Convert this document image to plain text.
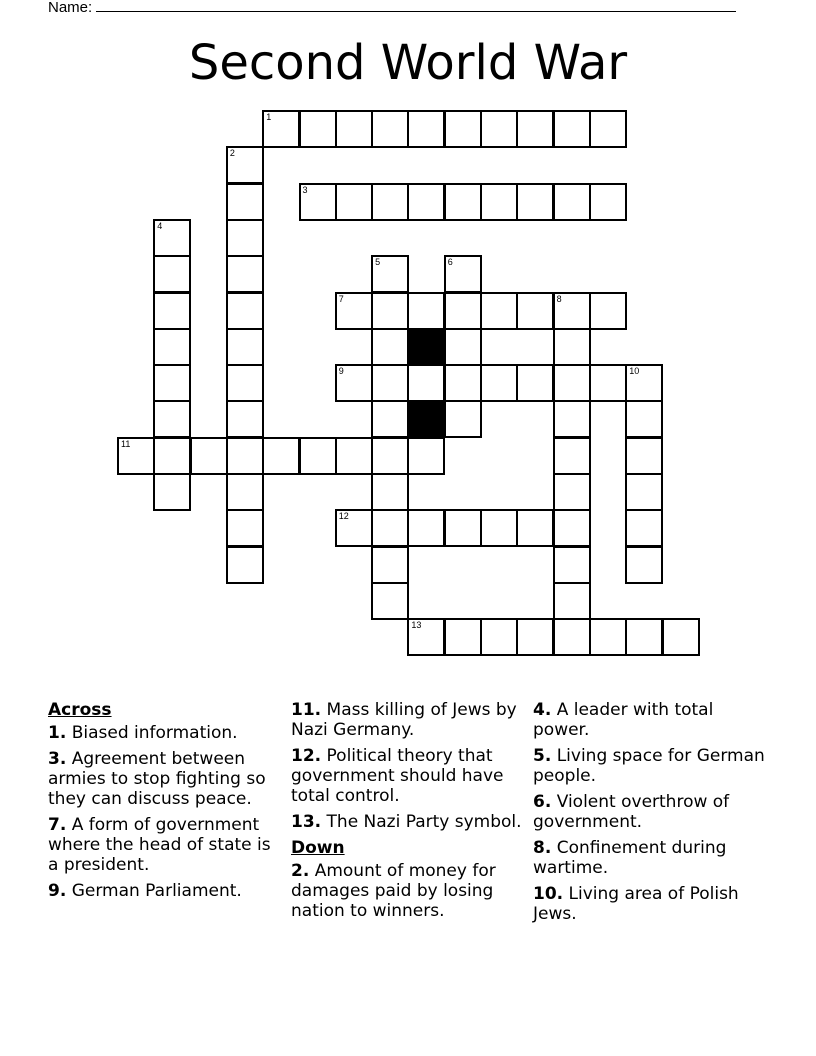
Name:
Second World War
1
2
3
4
5	6
7	8
9	10
11
12
13
Across
1. Biased information.
3. Agreement between armies to stop fighting so they can discuss peace.
7. A form of government where the head of state is a president.
9. German Parliament.
11. Mass killing of Jews by Nazi Germany.
12. Political theory that government should have total control.
13. The Nazi Party symbol.
Down
2. Amount of money for damages paid by losing nation to winners.
4. A leader with total power.
5. Living space for German people.
6. Violent overthrow of government.
8. Confinement during wartime.
10. Living area of Polish Jews.
